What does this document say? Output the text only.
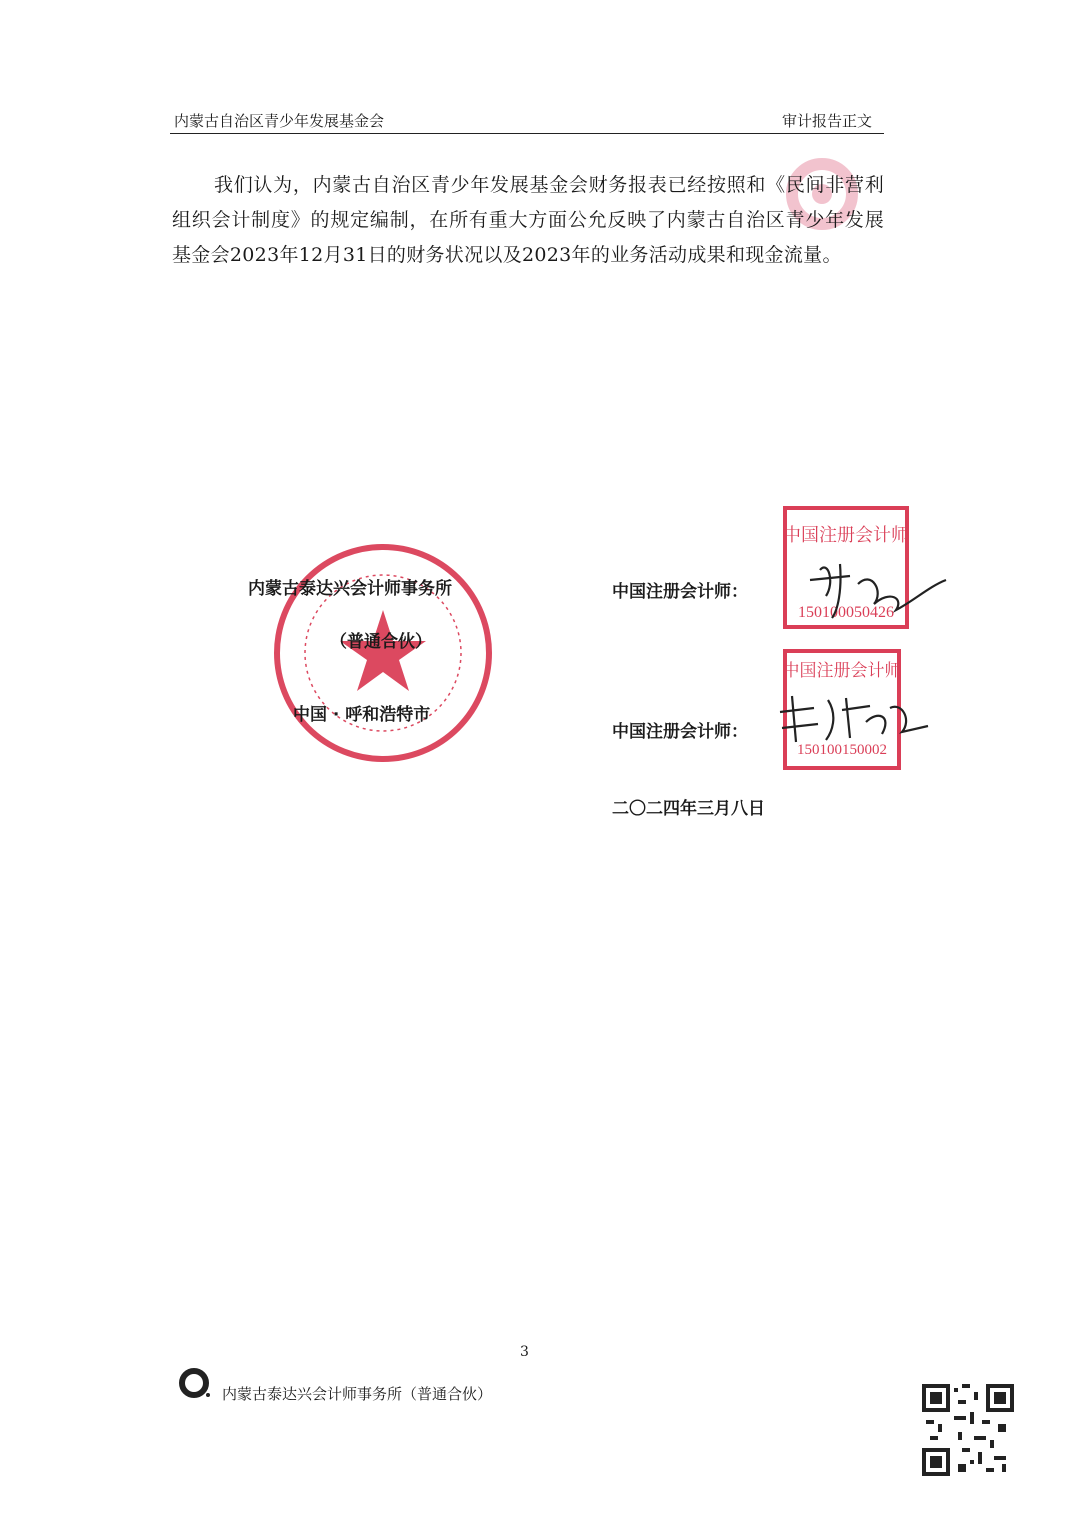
内蒙古自治区青少年发展基金会	审计报告正文

我们认为，内蒙古自治区青少年发展基金会财务报表已经按照和《民间非营利组织会计制度》的规定编制，在所有重大方面公允反映了内蒙古自治区青少年发展基金会2023年12月31日的财务状况以及2023年的业务活动成果和现金流量。

内蒙古泰达兴会计师事务所
（普通合伙）
中国 · 呼和浩特市
中国注册会计师
150100050426
中国注册会计师
150100150002
中国注册会计师：
中国注册会计师：
二〇二四年三月八日
3
内蒙古泰达兴会计师事务所（普通合伙）
